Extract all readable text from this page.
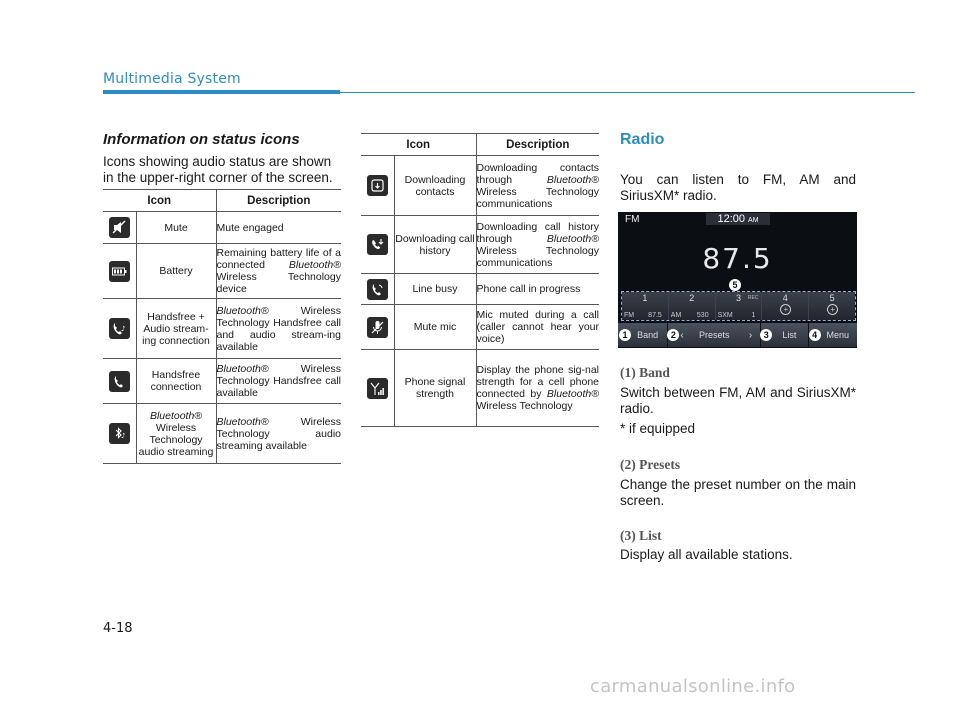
Multimedia System
Information on status icons
Icons showing audio status are shown in the upper-right corner of the screen.
Icon		Description

	Mute	Mute engaged

	Battery	Remaining battery life of a connected Bluetooth® Wireless Technology device

♪	Handsfree + Audio stream-ing connection	Bluetooth® Wireless Technology Handsfree call and audio stream-ing available

	Handsfree connection	Bluetooth® Wireless Technology Handsfree call available

♪	Bluetooth®
Wireless Technology audio streaming	Bluetooth® Wireless Technology audio streaming available
Icon		Description

	Downloading contacts	Downloading contacts through Bluetooth® Wireless Technology communications

	Downloading call history	Downloading call history through Bluetooth® Wireless Technology communications

	Line busy	Phone call in progress

	Mute mic	Mic muted during a call (caller cannot hear your voice)

	Phone signal strength	Display the phone sig-nal strength for a cell phone connected by Bluetooth® Wireless Technology
Radio
You can listen to FM, AM and SiriusXM* radio.
FM	12:00 AM
87.5
5
1
FM 87.5
2
AM 530
3	REC
SXM	1
4
+
5
+
1	Band	2 ‹ Presets ›	3	List	4	Menu
(1) Band
Switch between FM, AM and SiriusXM* radio.
* if equipped
(2) Presets
Change the preset number on the main screen.
(3) List
Display all available stations.
4-18
carmanualsonline.info
